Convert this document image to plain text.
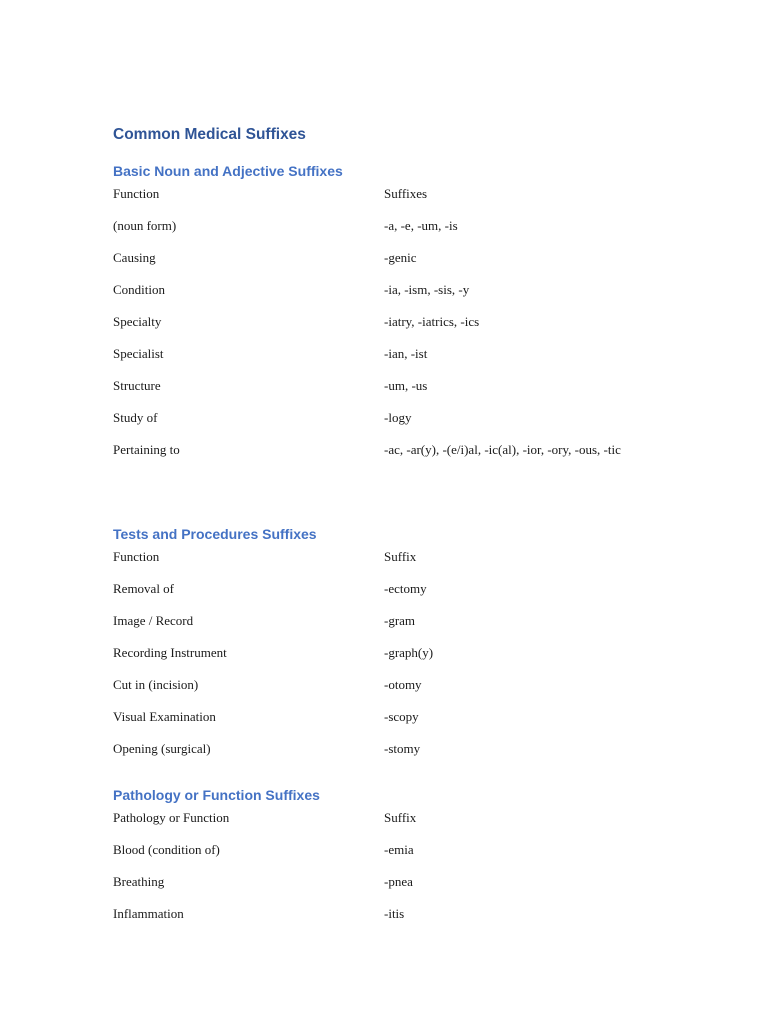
Common Medical Suffixes
Basic Noun and Adjective Suffixes
Function	Suffixes
(noun form)	-a, -e, -um, -is
Causing	-genic
Condition	-ia, -ism, -sis, -y
Specialty	-iatry, -iatrics, -ics
Specialist	-ian, -ist
Structure	-um, -us
Study of	-logy
Pertaining to	-ac, -ar(y), -(e/i)al, -ic(al), -ior, -ory, -ous, -tic
Tests and Procedures Suffixes
Function	Suffix
Removal of	-ectomy
Image / Record	-gram
Recording Instrument	-graph(y)
Cut in (incision)	-otomy
Visual Examination	-scopy
Opening (surgical)	-stomy
Pathology or Function Suffixes
Pathology or Function	Suffix
Blood (condition of)	-emia
Breathing	-pnea
Inflammation	-itis
